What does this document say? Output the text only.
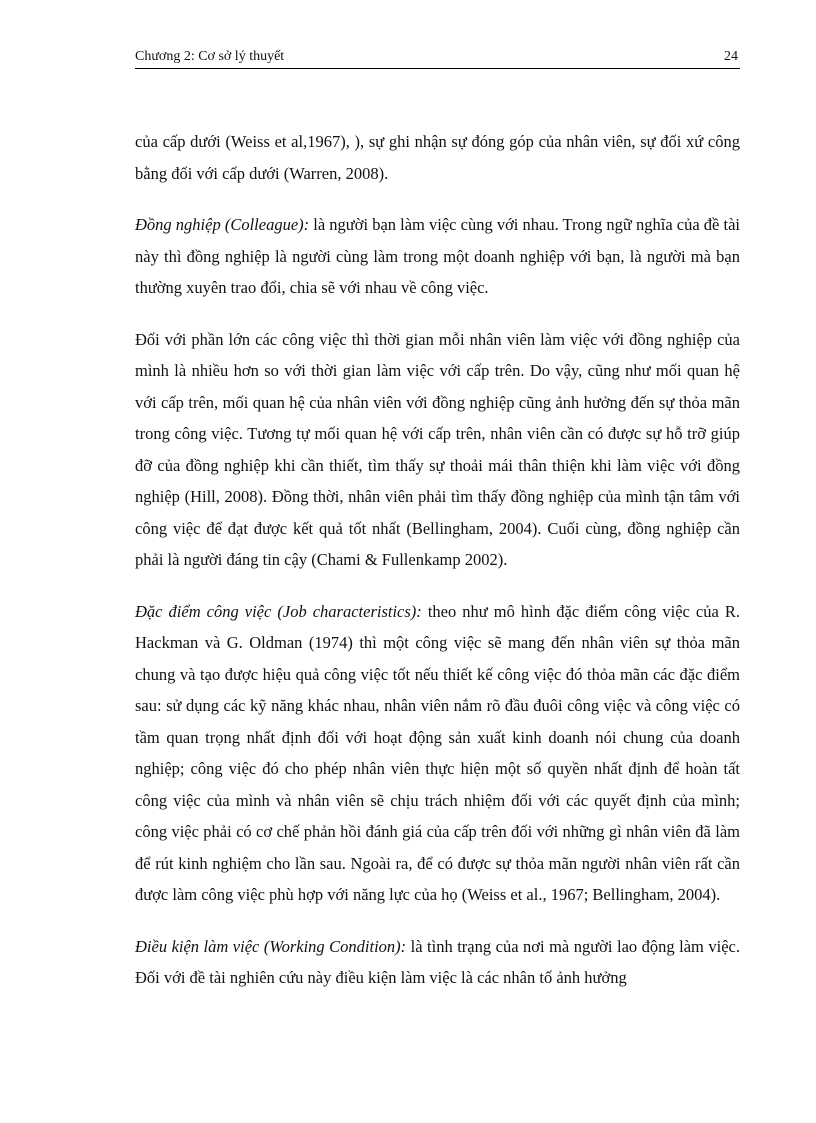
Chương 2: Cơ sở lý thuyết	24

của cấp dưới (Weiss et al,1967), ), sự ghi nhận sự đóng góp của nhân viên, sự đối xứ công bằng đối với cấp dưới (Warren, 2008).

Đồng nghiệp (Colleague): là người bạn làm việc cùng với nhau. Trong ngữ nghĩa của đề tài này thì đồng nghiệp là người cùng làm trong một doanh nghiệp với bạn, là người mà bạn thường xuyên trao đổi, chia sẽ với nhau về công việc.

Đối với phần lớn các công việc thì thời gian mỗi nhân viên làm việc với đồng nghiệp của mình là nhiều hơn so với thời gian làm việc với cấp trên. Do vậy, cũng như mối quan hệ với cấp trên, mối quan hệ của nhân viên với đồng nghiệp cũng ảnh hưởng đến sự thỏa mãn trong công việc. Tương tự mối quan hệ với cấp trên, nhân viên cần có được sự hỗ trỡ giúp đỡ của đồng nghiệp khi cần thiết, tìm thấy sự thoải mái thân thiện khi làm việc với đồng nghiệp (Hill, 2008). Đồng thời, nhân viên phải tìm thấy đồng nghiệp của mình tận tâm với công việc để đạt được kết quả tốt nhất (Bellingham, 2004). Cuối cùng, đồng nghiệp cần phải là người đáng tin cậy (Chami & Fullenkamp 2002).

Đặc điểm công việc (Job characteristics): theo như mô hình đặc điểm công việc của R. Hackman và G. Oldman (1974) thì một công việc sẽ mang đến nhân viên sự thỏa mãn chung và tạo được hiệu quả công việc tốt nếu thiết kế công việc đó thỏa mãn các đặc điểm sau: sử dụng các kỹ năng khác nhau, nhân viên nắm rõ đầu đuôi công việc và công việc có tầm quan trọng nhất định đối với hoạt động sản xuất kinh doanh nói chung của doanh nghiệp; công việc đó cho phép nhân viên thực hiện một số quyền nhất định để hoàn tất công việc của mình và nhân viên sẽ chịu trách nhiệm đối với các quyết định của mình; công việc phải có cơ chế phản hồi đánh giá của cấp trên đối với những gì nhân viên đã làm để rút kinh nghiệm cho lần sau. Ngoài ra, để có được sự thỏa mãn người nhân viên rất cần được làm công việc phù hợp với năng lực của họ (Weiss et al., 1967; Bellingham, 2004).

Điều kiện làm việc (Working Condition): là tình trạng của nơi mà người lao động làm việc. Đối với đề tài nghiên cứu này điều kiện làm việc là các nhân tố ảnh hưởng
